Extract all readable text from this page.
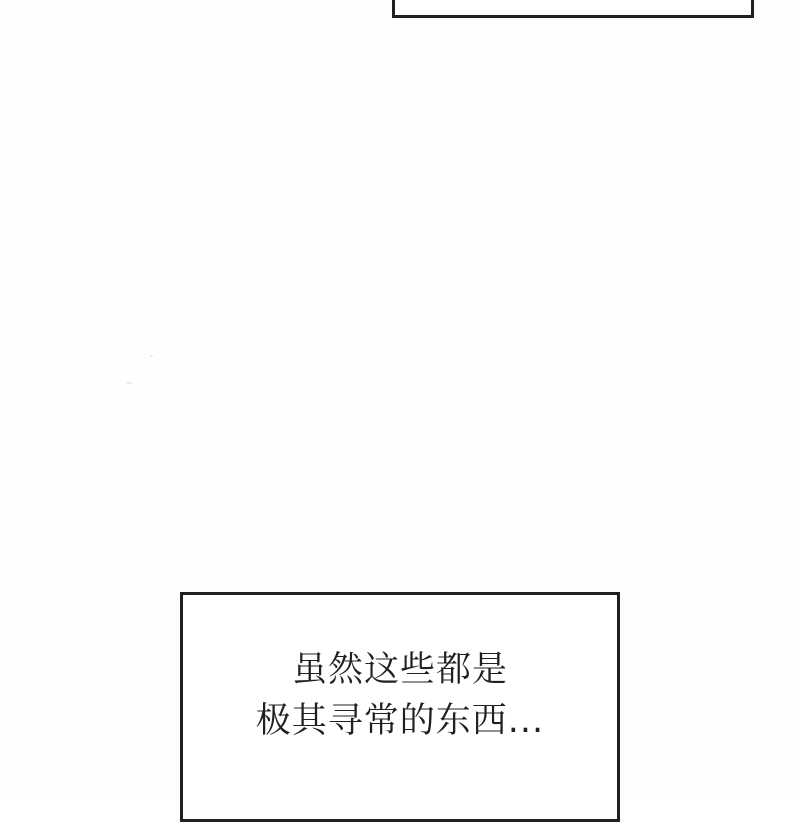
虽然这些都是
极其寻常的东西...
